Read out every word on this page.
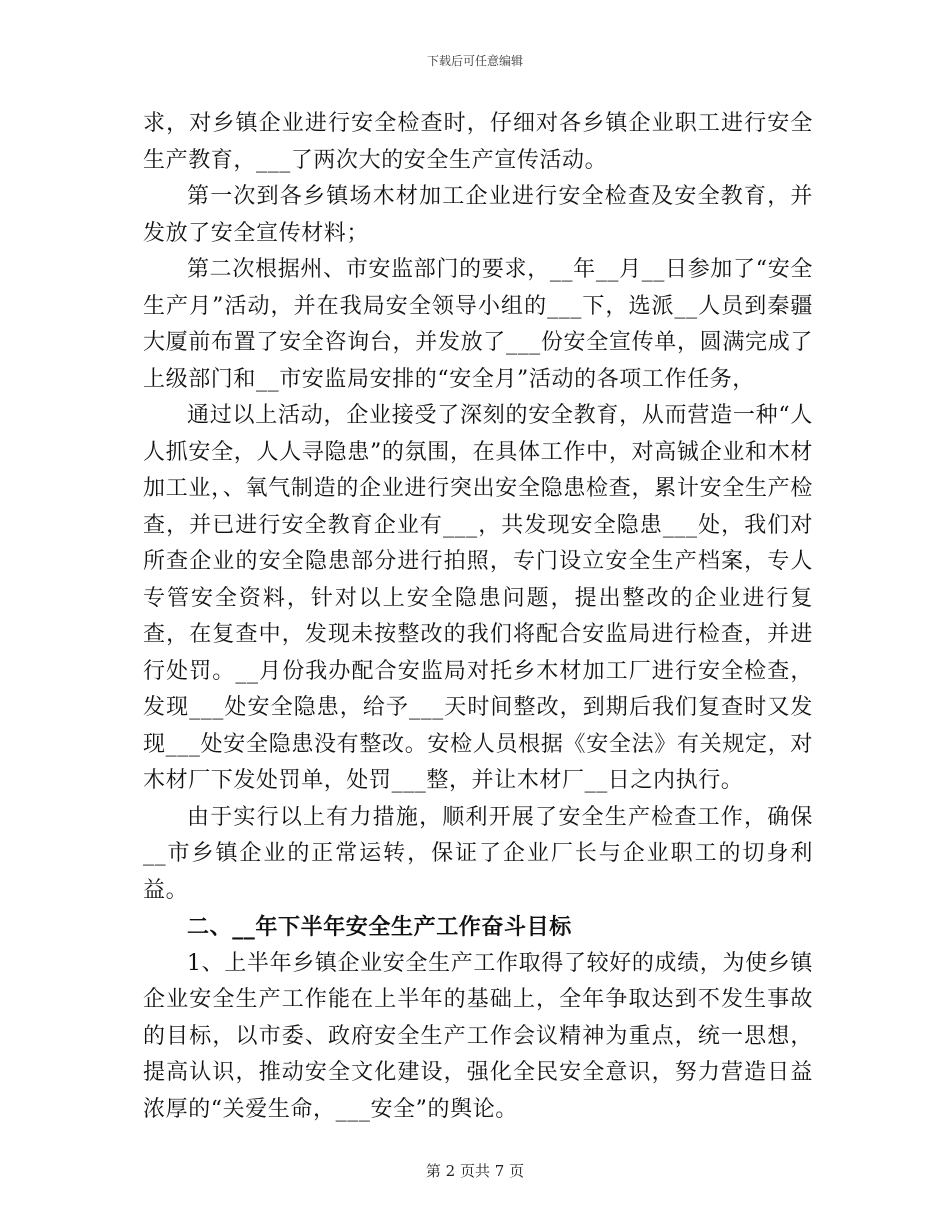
下载后可任意编辑

求，对乡镇企业进行安全检查时，仔细对各乡镇企业职工进行安全生产教育，___了两次大的安全生产宣传活动。

第一次到各乡镇场木材加工企业进行安全检查及安全教育，并发放了安全宣传材料；

第二次根据州、市安监部门的要求，__年__月__日参加了“安全生产月”活动，并在我局安全领导小组的___下，选派__人员到秦疆大厦前布置了安全咨询台，并发放了___份安全宣传单，圆满完成了上级部门和__市安监局安排的“安全月”活动的各项工作任务，

通过以上活动，企业接受了深刻的安全教育，从而营造一种“人人抓安全，人人寻隐患”的氛围，在具体工作中，对高铖企业和木材加工业，、氧气制造的企业进行突出安全隐患检查，累计安全生产检查，并已进行安全教育企业有___，共发现安全隐患___处，我们对所查企业的安全隐患部分进行拍照，专门设立安全生产档案，专人专管安全资料，针对以上安全隐患问题，提出整改的企业进行复查，在复查中，发现未按整改的我们将配合安监局进行检查，并进行处罚。__月份我办配合安监局对托乡木材加工厂进行安全检查，发现___处安全隐患，给予___天时间整改，到期后我们复查时又发现___处安全隐患没有整改。安检人员根据《安全法》有关规定，对木材厂下发处罚单，处罚___整，并让木材厂__日之内执行。

由于实行以上有力措施，顺利开展了安全生产检查工作，确保__市乡镇企业的正常运转，保证了企业厂长与企业职工的切身利益。

二、__年下半年安全生产工作奋斗目标

1、上半年乡镇企业安全生产工作取得了较好的成绩，为使乡镇企业安全生产工作能在上半年的基础上，全年争取达到不发生事故的目标，以市委、政府安全生产工作会议精神为重点，统一思想，提高认识，推动安全文化建设，强化全民安全意识，努力营造日益浓厚的“关爱生命，___安全”的舆论。

第 2 页共 7 页
